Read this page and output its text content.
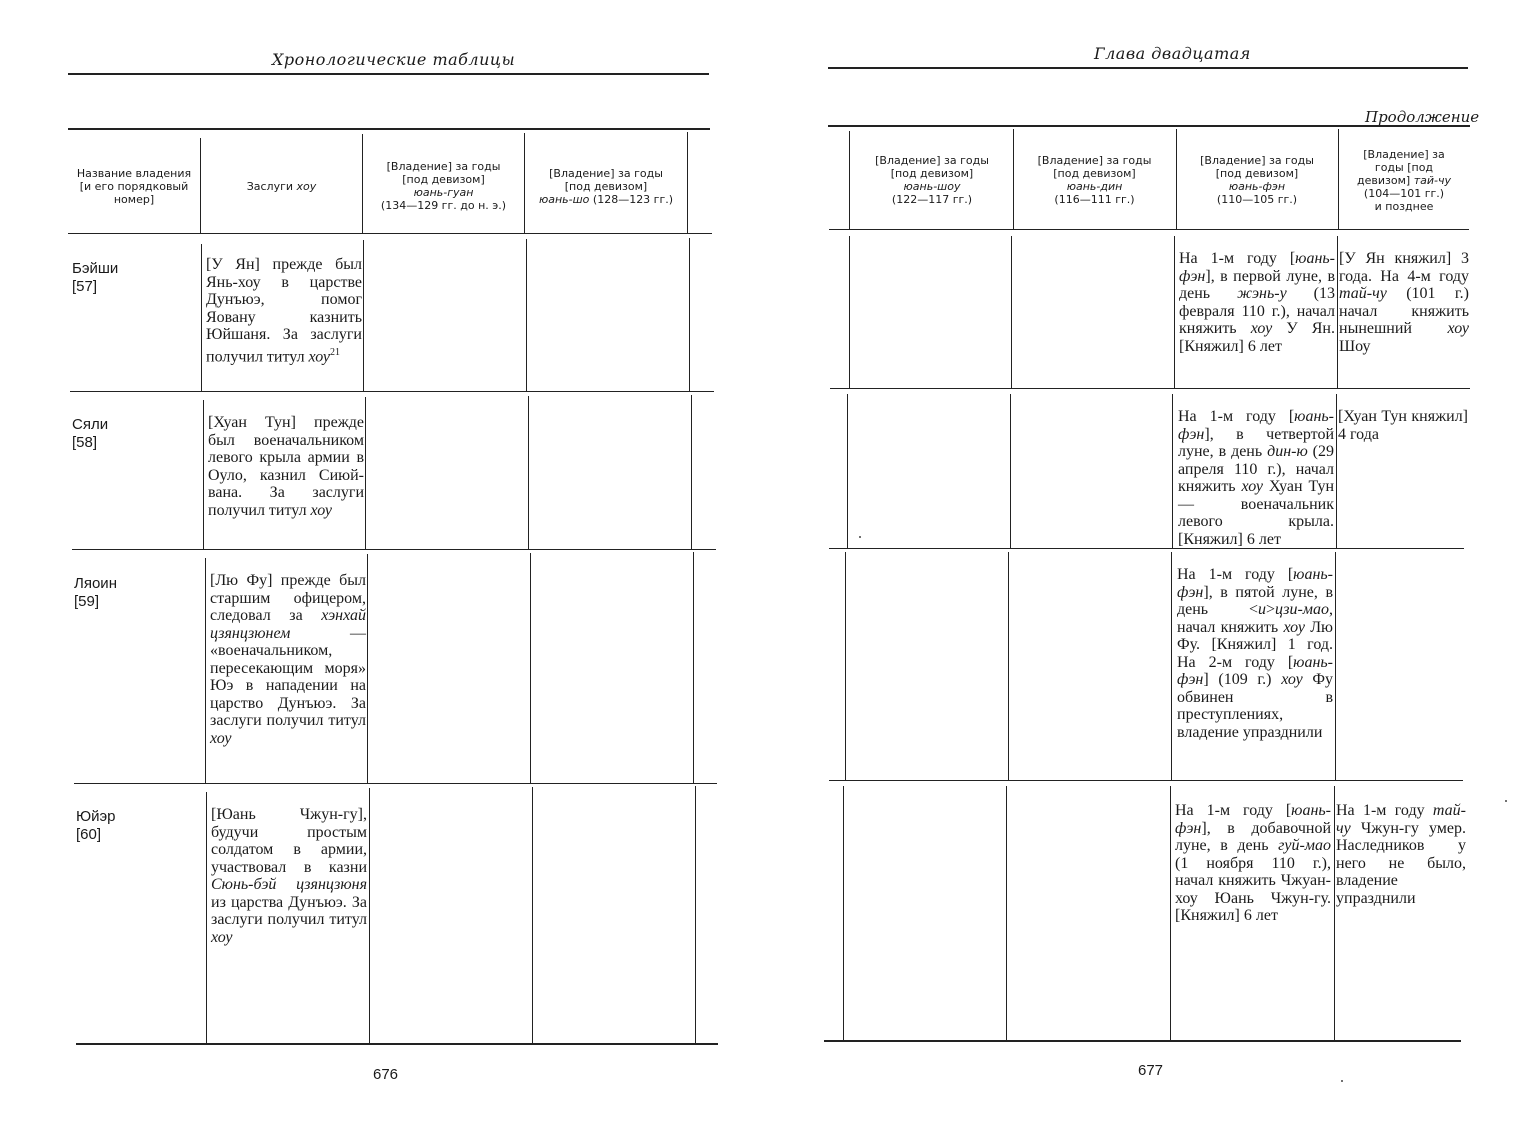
Хронологические таблицы
Название владения [и его порядковый номер]
Заслуги хоу
[Владение] за годы
[под девизом]
юань-гуан
(134—129 гг. до н. э.)
[Владение] за годы
[под девизом]
юань-шо (128—123 гг.)
Бэйши
[57]
[У Ян] прежде был Янь-хоу в царстве Дунъюэ, помог Яовану казнить Юйшаня. За заслуги получил титул хоу$^{21}$
Сяли
[58]
[Хуан Тун] прежде был военачальником левого крыла армии в Оуло, казнил Сиюй-вана. За заслуги получил титул хоу
Ляоин
[59]
[Лю Фу] прежде был старшим офицером, следовал за хэнхай цзянцзюнем — «военачальником, пересекающим моря» Юэ в нападении на царство Дунъюэ. За заслуги получил титул хоу
Юйэр
[60]
[Юань Чжун-гу], будучи простым солдатом в армии, участвовал в казни Сюнь-бэй цзянцзюня из царства Дунъюэ. За заслуги получил титул хоу
676
Глава двадцатая
Продолжение
[Владение] за годы
[под девизом]
юань-шоу
(122—117 гг.)
[Владение] за годы
[под девизом]
юань-дин
(116—111 гг.)
[Владение] за годы
[под девизом]
юань-фэн
(110—105 гг.)
[Владение] за
годы [под
девизом] тай-чу
(104—101 гг.)
и позднее
На 1-м году [юань-фэн], в первой луне, в день жэнь-у (13 февраля 110 г.), начал княжить хоу У Ян. [Княжил] 6 лет
[У Ян княжил] 3 года. На 4-м году тай-чу (101 г.) начал княжить нынешний хоу Шоу
На 1-м году [юань-фэн], в четвертой луне, в день дин-ю (29 апреля 110 г.), начал княжить хоу Хуан Тун — военачальник левого крыла. [Княжил] 6 лет
[Хуан Тун княжил] 4 года
На 1-м году [юань-фэн], в пятой луне, в день <и>цзи-мао, начал княжить хоу Лю Фу. [Княжил] 1 год. На 2-м году [юань-фэн] (109 г.) хоу Фу обвинен в преступлениях, владение упразднили
На 1-м году [юань-фэн], в добавочной луне, в день гуй-мао (1 ноября 110 г.), начал княжить Чжуан-хоу Юань Чжун-гу. [Княжил] 6 лет
На 1-м году тай-чу Чжун-гу умер. Наследников у него не было, владение упразднили
677
